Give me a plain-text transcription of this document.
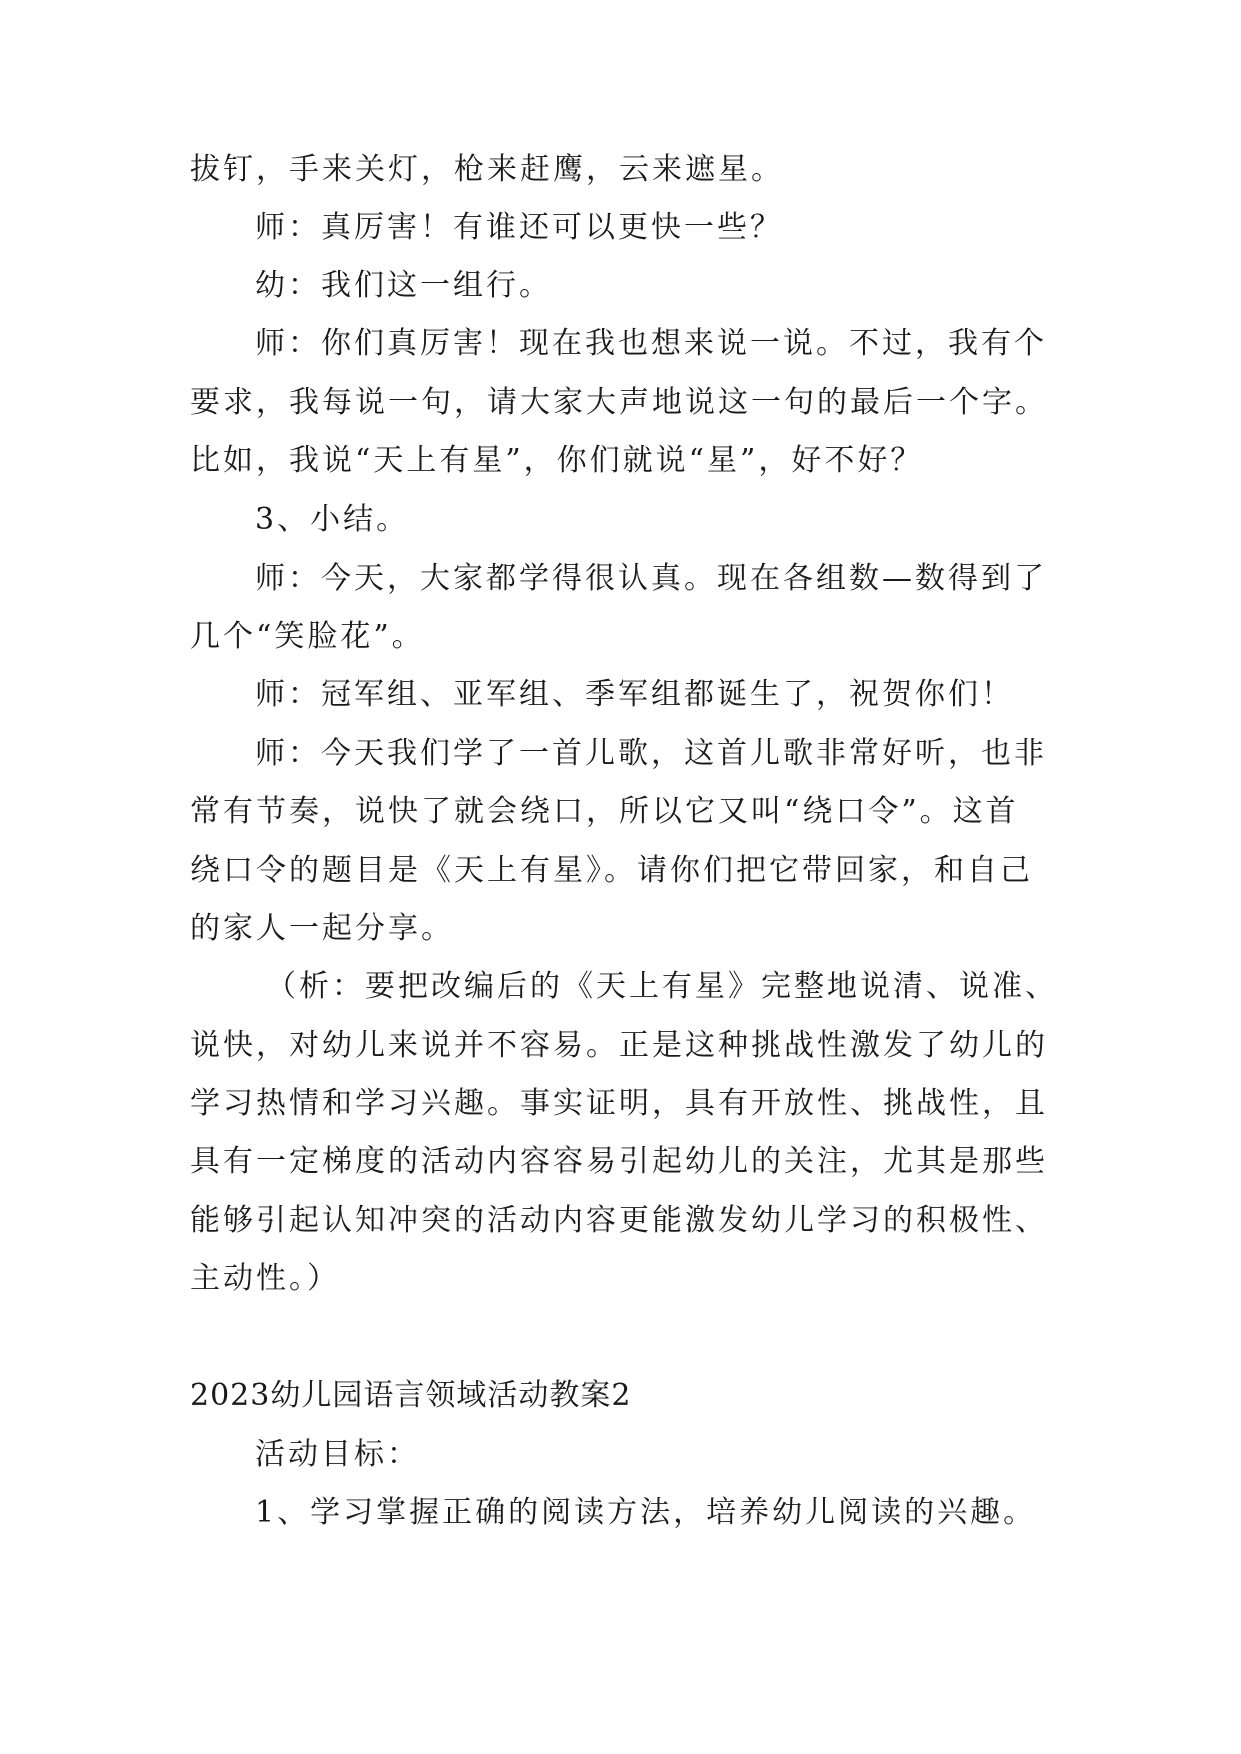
拔钉，手来关灯，枪来赶鹰，云来遮星。
师：真厉害！有谁还可以更快一些？
幼：我们这一组行。
师：你们真厉害！现在我也想来说一说。不过，我有个
要求，我每说一句，请大家大声地说这一句的最后一个字。
比如，我说“天上有星”，你们就说“星”，好不好？
3、小结。
师：今天，大家都学得很认真。现在各组数—数得到了
几个“笑脸花”。
师：冠军组、亚军组、季军组都诞生了，祝贺你们！
师：今天我们学了一首儿歌，这首儿歌非常好听，也非
常有节奏，说快了就会绕口，所以它又叫“绕口令”。这首
绕口令的题目是《天上有星》。请你们把它带回家，和自己
的家人一起分享。
（析：要把改编后的《天上有星》完整地说清、说准、
说快，对幼儿来说并不容易。正是这种挑战性激发了幼儿的
学习热情和学习兴趣。事实证明，具有开放性、挑战性，且
具有一定梯度的活动内容容易引起幼儿的关注，尤其是那些
能够引起认知冲突的活动内容更能激发幼儿学习的积极性、
主动性。）
2023幼儿园语言领域活动教案2
活动目标：
1、学习掌握正确的阅读方法，培养幼儿阅读的兴趣。
